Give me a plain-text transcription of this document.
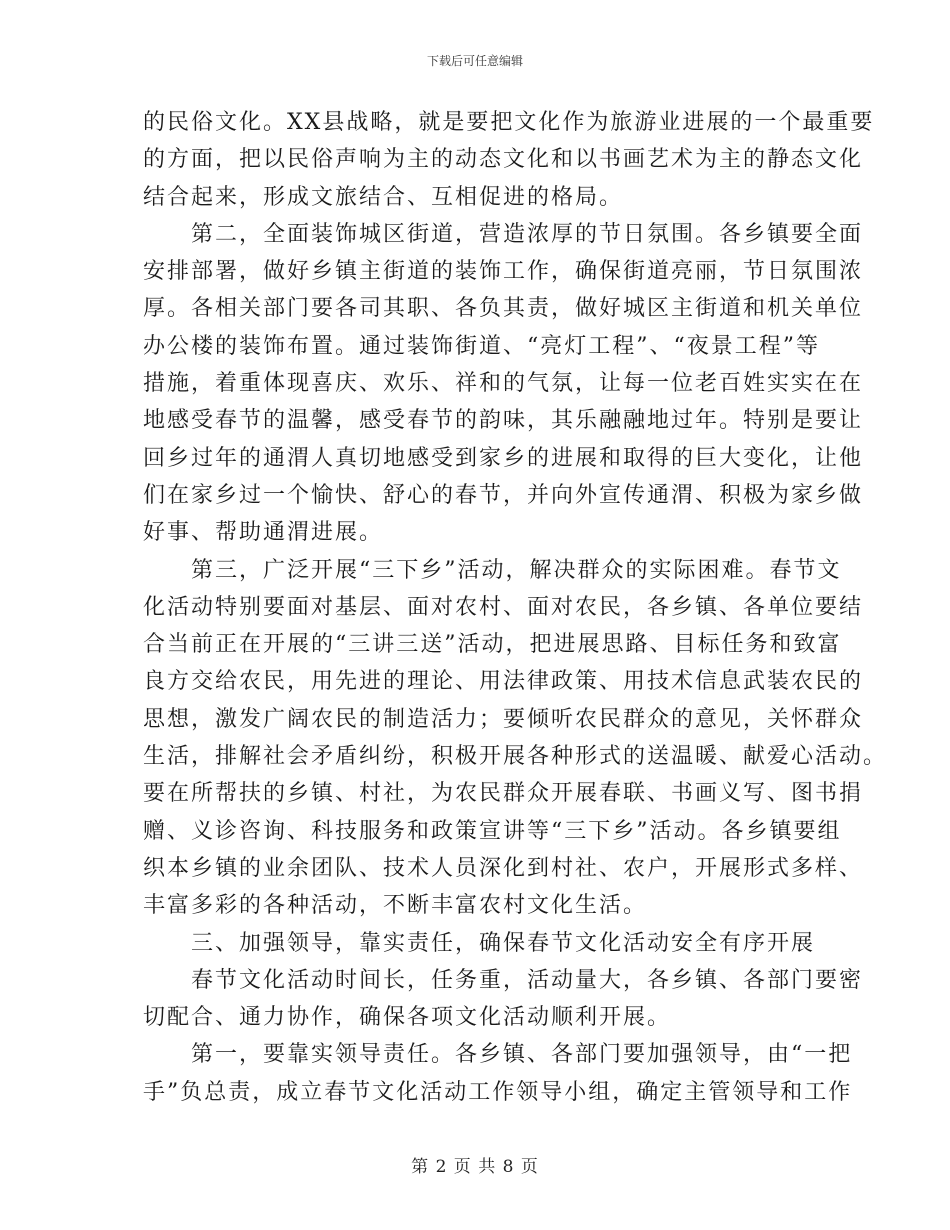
下载后可任意编辑

的民俗文化。XX县战略，就是要把文化作为旅游业进展的一个最重要
的方面，把以民俗声响为主的动态文化和以书画艺术为主的静态文化
结合起来，形成文旅结合、互相促进的格局。

第二，全面装饰城区街道，营造浓厚的节日氛围。各乡镇要全面
安排部署，做好乡镇主街道的装饰工作，确保街道亮丽，节日氛围浓
厚。各相关部门要各司其职、各负其责，做好城区主街道和机关单位
办公楼的装饰布置。通过装饰街道、“亮灯工程”、“夜景工程”等
措施，着重体现喜庆、欢乐、祥和的气氛，让每一位老百姓实实在在
地感受春节的温馨，感受春节的韵味，其乐融融地过年。特别是要让
回乡过年的通渭人真切地感受到家乡的进展和取得的巨大变化，让他
们在家乡过一个愉快、舒心的春节，并向外宣传通渭、积极为家乡做
好事、帮助通渭进展。

第三，广泛开展“三下乡”活动，解决群众的实际困难。春节文
化活动特别要面对基层、面对农村、面对农民，各乡镇、各单位要结
合当前正在开展的“三讲三送”活动，把进展思路、目标任务和致富
良方交给农民，用先进的理论、用法律政策、用技术信息武装农民的
思想，激发广阔农民的制造活力；要倾听农民群众的意见，关怀群众
生活，排解社会矛盾纠纷，积极开展各种形式的送温暖、献爱心活动。
要在所帮扶的乡镇、村社，为农民群众开展春联、书画义写、图书捐
赠、义诊咨询、科技服务和政策宣讲等“三下乡”活动。各乡镇要组
织本乡镇的业余团队、技术人员深化到村社、农户，开展形式多样、
丰富多彩的各种活动，不断丰富农村文化生活。

三、加强领导，靠实责任，确保春节文化活动安全有序开展

春节文化活动时间长，任务重，活动量大，各乡镇、各部门要密
切配合、通力协作，确保各项文化活动顺利开展。

第一，要靠实领导责任。各乡镇、各部门要加强领导，由“一把
手”负总责，成立春节文化活动工作领导小组，确定主管领导和工作

第 2 页 共 8 页
